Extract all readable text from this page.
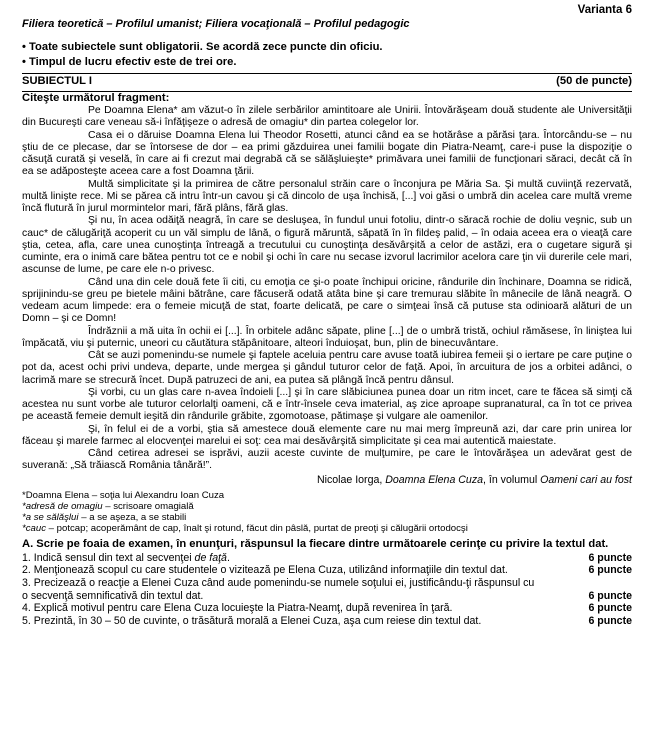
Varianta 6
Filiera teoretică – Profilul umanist; Filiera vocaţională – Profilul pedagogic
• Toate subiectele sunt obligatorii. Se acordă zece puncte din oficiu.
• Timpul de lucru efectiv este de trei ore.
SUBIECTUL I	(50 de puncte)
Citeşte următorul fragment:

Pe Doamna Elena* am văzut-o în zilele serbărilor amintitoare ale Unirii. Întovărăşeam două studente ale Universităţii din Bucureşti care veneau să-i înfăţişeze o adresă de omagiu* din partea colegelor lor.

Casa ei o dăruise Doamna Elena lui Theodor Rosetti, atunci când ea se hotărâse a părăsi ţara. Întorcându-se – nu ştiu de ce plecase, dar se întorsese de dor – ea primi găzduirea unei familii bogate din Piatra-Neamţ, care-i puse la dispoziţie o căsuţă curată şi veselă, în care ai fi crezut mai degrabă că se sălăşluieşte* primăvara unei familii de funcţionari săraci, decât că în ea se adăposteşte aceea care a fost Doamna ţării.

Multă simplicitate şi la primirea de către personalul străin care o înconjura pe Măria Sa. Şi multă cuviinţă rezervată, multă linişte rece. Mi se părea că intru într-un cavou şi că dincolo de uşa închisă, [...] voi găsi o umbră din acelea care multă vreme încă flutură în jurul mormintelor mari, fără plâns, fără glas.

Şi nu, în acea odăiţă neagră, în care se desluşea, în fundul unui fotoliu, dintr-o săracă rochie de doliu veşnic, sub un cauc* de călugăriţă acoperit cu un văl simplu de lână, o figură măruntă, săpată în în fildeş palid, – în odaia aceea era o vieaţă care ştia, cetea, afla, care unea cunoştinţa întreagă a trecutului cu cunoştinţa desăvârşită a celor de astăzi, era o cugetare sigură şi cuminte, era o inimă care bătea pentru tot ce e nobil şi ochi în care nu secase izvorul lacrimilor acelora care ţin vii durerile cele mari, ascunse de lume, pe care ele n-o privesc.

Când una din cele două fete îi citi, cu emoţia ce şi-o poate închipui oricine, rândurile din închinare, Doamna se ridică, sprijinindu-se greu pe bietele mâini bătrâne, care făcuseră odată atâta bine şi care tremurau slăbite în mânecile de lână neagră. O vedeam acum limpede: era o femeie micuţă de stat, foarte delicată, pe care o simţeai însă că putuse sta odinioară alături de un Domn – şi ce Domn!

Îndrăznii a mă uita în ochii ei [...]. În orbitele adânc săpate, pline [...] de o umbră tristă, ochiul rămăsese, în liniştea lui împăcată, viu şi puternic, uneori cu căutătura stăpânitoare, alteori înduioşat, bun, plin de binecuvântare.

Cât se auzi pomenindu-se numele şi faptele aceluia pentru care avuse toată iubirea femeii şi o iertare pe care puţine o pot da, acest ochi privi undeva, departe, unde mergea şi gândul tuturor celor de faţă. Apoi, în arcuitura de jos a orbitei adânci, o lacrimă mare se strecură încet. După patruzeci de ani, ea putea să plângă încă pentru dânsul.

Şi vorbi, cu un glas care n-avea îndoieli [...] şi în care slăbiciunea punea doar un ritm incet, care te făcea să simţi că acestea nu sunt vorbe ale tuturor celorlalţi oameni, că e într-însele ceva imaterial, aş zice aproape supranatural, ca în tot ce privea pe această femeie demult ieşită din rândurile grăbite, zgomotoase, pătimaşe şi vulgare ale oamenilor.

Şi, în felul ei de a vorbi, ştia să amestece două elemente care nu mai merg împreună azi, dar care prin unirea lor făceau şi marele farmec al elocvenţei marelui ei soţ: cea mai desăvârşită simplicitate şi cea mai autentică maiestate.

Când cetirea adresei se isprăvi, auzii aceste cuvinte de mulţumire, pe care le întovărăşea un adevărat gest de suverană: „Să trăiască România tânără!”.

Nicolae Iorga, Doamna Elena Cuza, în volumul Oameni cari au fost
*Doamna Elena – soţia lui Alexandru Ioan Cuza
*adresă de omagiu – scrisoare omagială
*a se sălăşlui – a se aşeza, a se stabili
*cauc – potcap; acoperământ de cap, înalt şi rotund, făcut din pâslă, purtat de preoţi şi călugării ortodocşi
A. Scrie pe foaia de examen, în enunţuri, răspunsul la fiecare dintre următoarele cerinţe cu privire la textul dat.
1. Indică sensul din text al secvenţei de faţă.	6 puncte
2. Menţionează scopul cu care studentele o vizitează pe Elena Cuza, utilizând informaţiile din textul dat.	6 puncte
3. Precizează o reacţie a Elenei Cuza când aude pomenindu-se numele soţului ei, justificându-ţi răspunsul cu
o secvenţă semnificativă din textul dat.	6 puncte
4. Explică motivul pentru care Elena Cuza locuieşte la Piatra-Neamţ, după revenirea în ţară.	6 puncte
5. Prezintă, în 30 – 50 de cuvinte, o trăsătură morală a Elenei Cuza, aşa cum reiese din textul dat.	6 puncte
